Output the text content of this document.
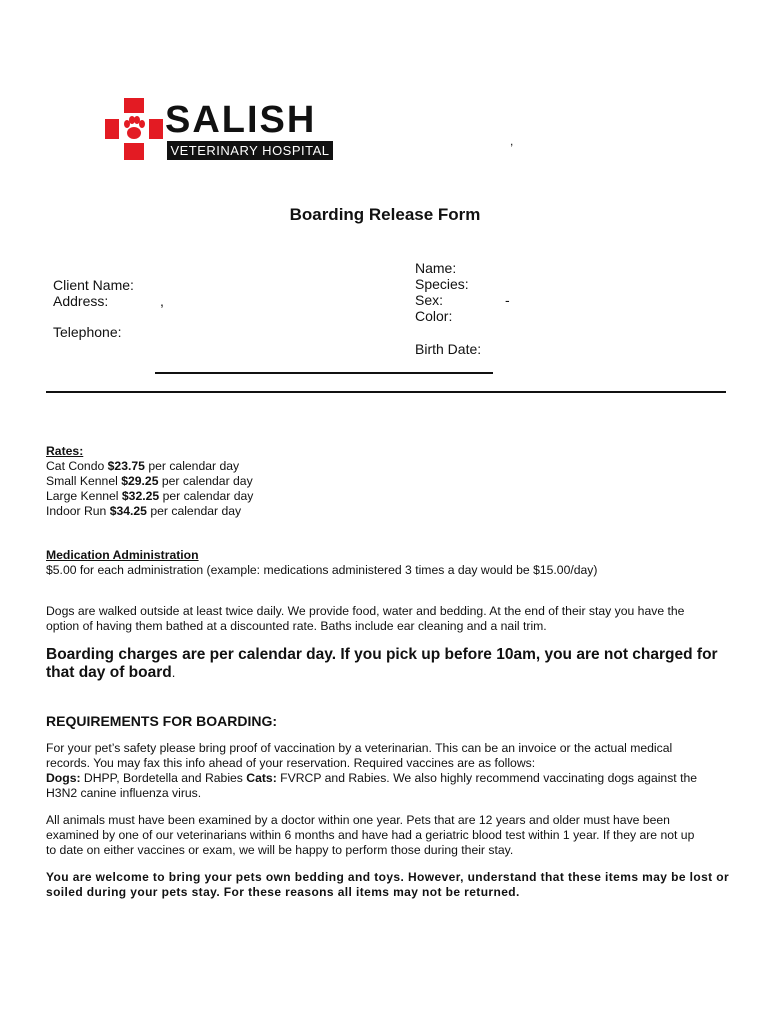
SALISH
VETERINARY HOSPITAL
,
Boarding Release Form
Client Name:
Address:	,
Telephone:
Name:
Species:
Sex:	-
Color:
Birth Date:
Rates:
Cat Condo $23.75 per calendar day
Small Kennel $29.25 per calendar day
Large Kennel $32.25 per calendar day
Indoor Run $34.25 per calendar day
Medication Administration
$5.00 for each administration (example: medications administered 3 times a day would be $15.00/day)
Dogs are walked outside at least twice daily. We provide food, water and bedding. At the end of their stay you have the
option of having them bathed at a discounted rate. Baths include ear cleaning and a nail trim.
Boarding charges are per calendar day. If you pick up before 10am, you are not charged for
that day of board.
REQUIREMENTS FOR BOARDING:
For your pet’s safety please bring proof of vaccination by a veterinarian. This can be an invoice or the actual medical
records. You may fax this info ahead of your reservation. Required vaccines are as follows:
Dogs: DHPP, Bordetella and Rabies Cats: FVRCP and Rabies. We also highly recommend vaccinating dogs against the
H3N2 canine influenza virus.
All animals must have been examined by a doctor within one year. Pets that are 12 years and older must have been
examined by one of our veterinarians within 6 months and have had a geriatric blood test within 1 year. If they are not up
to date on either vaccines or exam, we will be happy to perform those during their stay.
You are welcome to bring your pets own bedding and toys. However, understand that these items may be lost or
soiled during your pets stay. For these reasons all items may not be returned.
